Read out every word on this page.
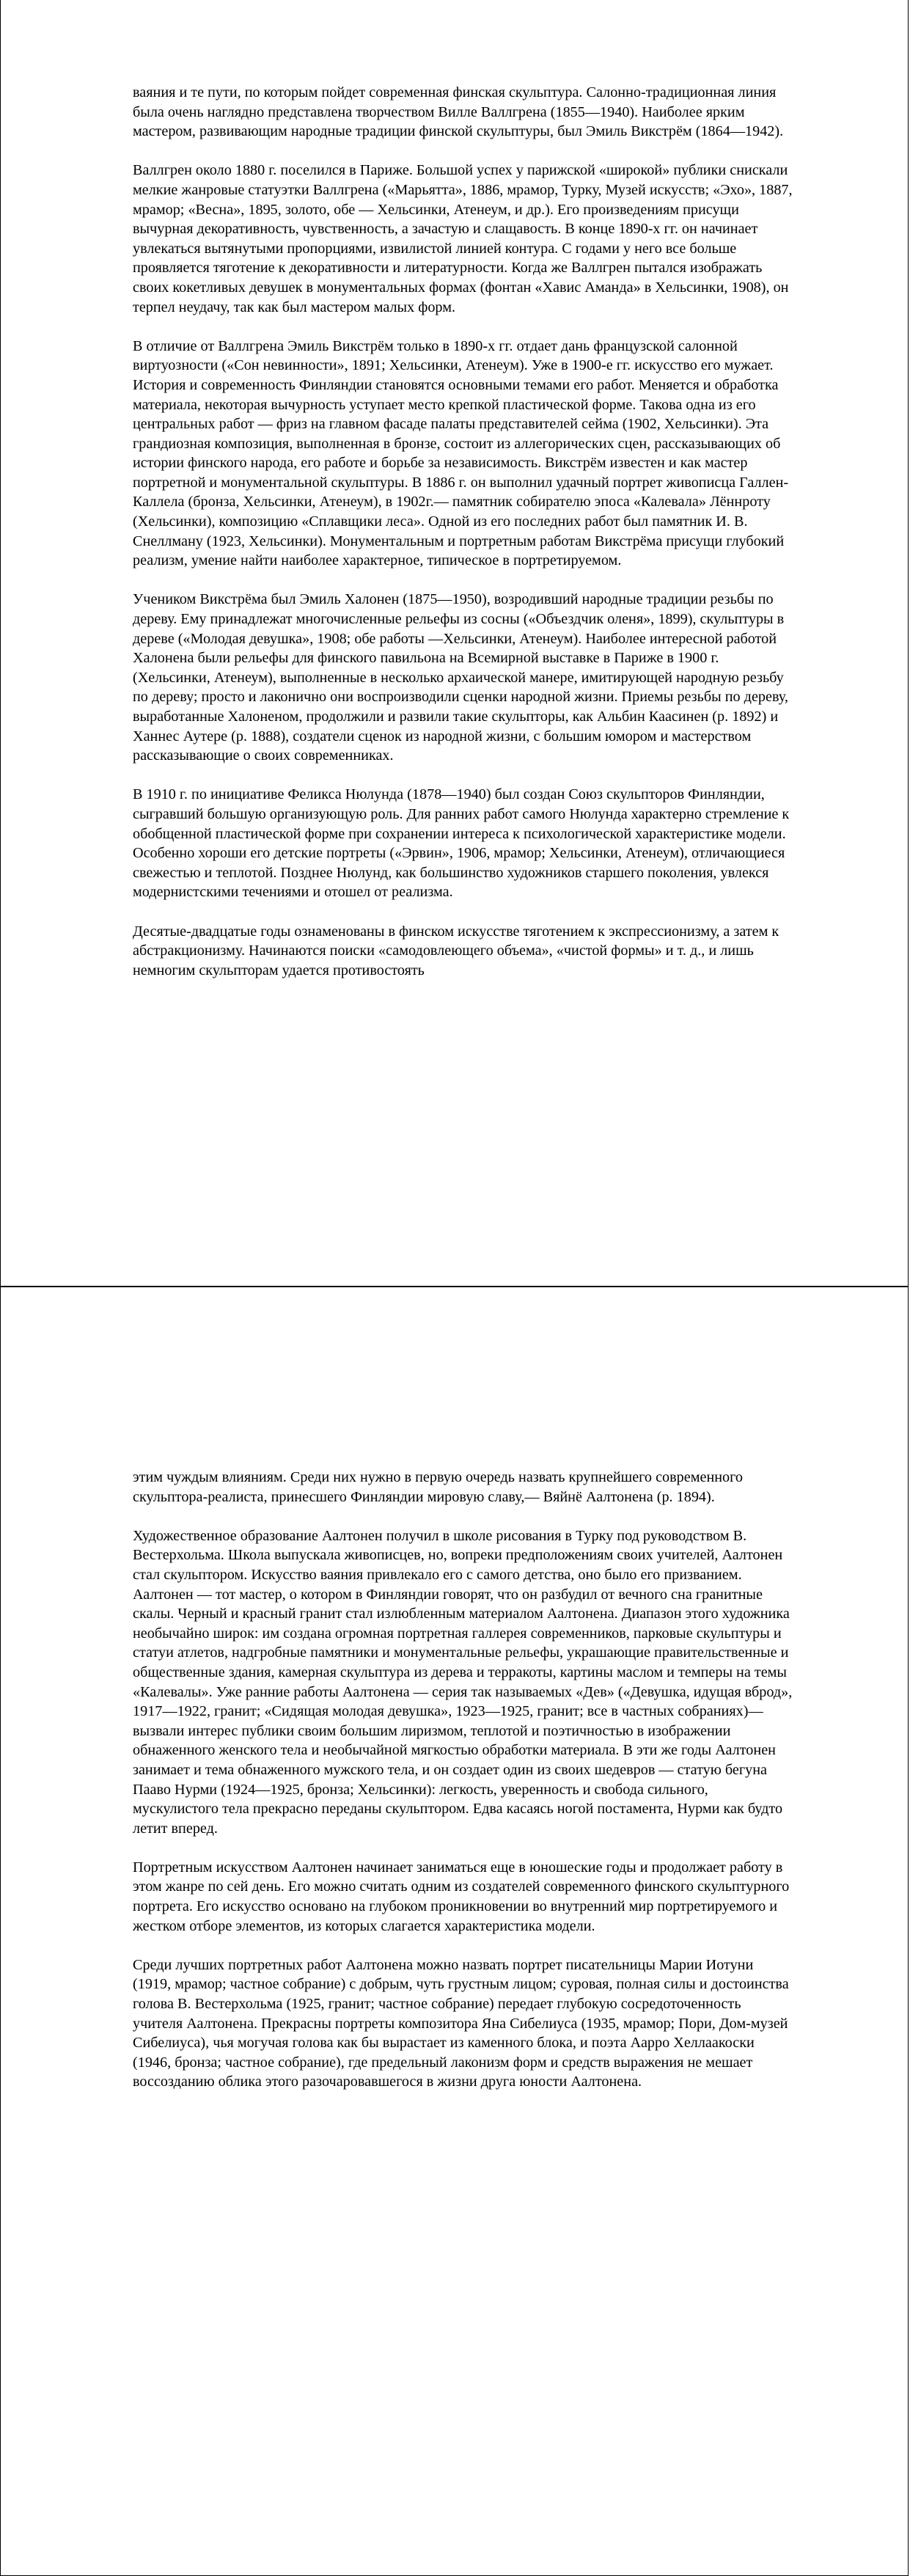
ваяния и те пути, по которым пойдет современная финская скульптура. Салонно-традиционная линия была очень наглядно представлена творчеством Вилле Валлгрена (1855—1940). Наиболее ярким мастером, развивающим народные традиции финской скульптуры, был Эмиль Викстрём (1864—1942).

Валлгрен около 1880 г. поселился в Париже. Большой успех у парижской «широкой» публики снискали мелкие жанровые статуэтки Валлгрена («Марьятта», 1886, мрамор, Турку, Музей искусств; «Эхо», 1887, мрамор; «Весна», 1895, золото, обе — Хельсинки, Атенеум, и др.). Его произведениям присущи вычурная декоративность, чувственность, а зачастую и слащавость. В конце 1890-х гг. он начинает увлекаться вытянутыми пропорциями, извилистой линией контура. С годами у него все больше проявляется тяготение к декоративности и литературности. Когда же Валлгрен пытался изображать своих кокетливых девушек в монументальных формах (фонтан «Хавис Аманда» в Хельсинки, 1908), он терпел неудачу, так как был мастером малых форм.

В отличие от Валлгрена Эмиль Викстрём только в 1890-х гг. отдает дань французской салонной виртуозности («Сон невинности», 1891; Хельсинки, Атенеум). Уже в 1900-е гг. искусство его мужает. История и современность Финляндии становятся основными темами его работ. Меняется и обработка материала, некоторая вычурность уступает место крепкой пластической форме. Такова одна из его центральных работ — фриз на главном фасаде палаты представителей сейма (1902, Хельсинки). Эта грандиозная композиция, выполненная в бронзе, состоит из аллегорических сцен, рассказывающих об истории финского народа, его работе и борьбе за независимость. Викстрём известен и как мастер портретной и монументальной скульптуры. В 1886 г. он выполнил удачный портрет живописца Галлен-Каллела (бронза, Хельсинки, Атенеум), в 1902г.— памятник собирателю эпоса «Калевала» Лённроту (Хельсинки), композицию «Сплавщики леса». Одной из его последних работ был памятник И. В. Снеллману (1923, Хельсинки). Монументальным и портретным работам Викстрёма присущи глубокий реализм, умение найти наиболее характерное, типическое в портретируемом.

Учеником Викстрёма был Эмиль Халонен (1875—1950), возродивший народные традиции резьбы по дереву. Ему принадлежат многочисленные рельефы из сосны («Объездчик оленя», 1899), скульптуры в дереве («Молодая девушка», 1908; обе работы —Хельсинки, Атенеум). Наиболее интересной работой Халонена были рельефы для финского павильона на Всемирной выставке в Париже в 1900 г. (Хельсинки, Атенеум), выполненные в несколько архаической манере, имитирующей народную резьбу по дереву; просто и лаконично они воспроизводили сценки народной жизни. Приемы резьбы по дереву, выработанные Халоненом, продолжили и развили такие скульпторы, как Альбин Каасинен (р. 1892) и Ханнес Аутере (р. 1888), создатели сценок из народной жизни, с большим юмором и мастерством рассказывающие о своих современниках.

В 1910 г. по инициативе Феликса Нюлунда (1878—1940) был создан Союз скульпторов Финляндии, сыгравший большую организующую роль. Для ранних работ самого Нюлунда характерно стремление к обобщенной пластической форме при сохранении интереса к психологической характеристике модели. Особенно хороши его детские портреты («Эрвин», 1906, мрамор; Хельсинки, Атенеум), отличающиеся свежестью и теплотой. Позднее Нюлунд, как большинство художников старшего поколения, увлекся модернистскими течениями и отошел от реализма.

Десятые-двадцатые годы ознаменованы в финском искусстве тяготением к экспрессионизму, а затем к абстракционизму. Начинаются поиски «самодовлеющего объема», «чистой формы» и т. д., и лишь немногим скульпторам удается противостоять

этим чуждым влияниям. Среди них нужно в первую очередь назвать крупнейшего современного скульптора-реалиста, принесшего Финляндии мировую славу,— Вяйнё Аалтонена (р. 1894).

Художественное образование Аалтонен получил в школе рисования в Турку под руководством В. Вестерхольма. Школа выпускала живописцев, но, вопреки предположениям своих учителей, Аалтонен стал скульптором. Искусство ваяния привлекало его с самого детства, оно было его призванием. Аалтонен — тот мастер, о котором в Финляндии говорят, что он разбудил от вечного сна гранитные скалы. Черный и красный гранит стал излюбленным материалом Аалтонена. Диапазон этого художника необычайно широк: им создана огромная портретная галлерея современников, парковые скульптуры и статуи атлетов, надгробные памятники и монументальные рельефы, украшающие правительственные и общественные здания, камерная скульптура из дерева и терракоты, картины маслом и темперы на темы «Калевалы». Уже ранние работы Аалтонена — серия так называемых «Дев» («Девушка, идущая вброд», 1917—1922, гранит; «Сидящая молодая девушка», 1923—1925, гранит; все в частных собраниях)— вызвали интерес публики своим большим лиризмом, теплотой и поэтичностью в изображении обнаженного женского тела и необычайной мягкостью обработки материала. В эти же годы Аалтонен занимает и тема обнаженного мужского тела, и он создает один из своих шедевров — статую бегуна Пааво Нурми (1924—1925, бронза; Хельсинки): легкость, уверенность и свобода сильного, мускулистого тела прекрасно переданы скульптором. Едва касаясь ногой постамента, Нурми как будто летит вперед.

Портретным искусством Аалтонен начинает заниматься еще в юношеские годы и продолжает работу в этом жанре по сей день. Его можно считать одним из создателей современного финского скульптурного портрета. Его искусство основано на глубоком проникновении во внутренний мир портретируемого и жестком отборе элементов, из которых слагается характеристика модели.

Среди лучших портретных работ Аалтонена можно назвать портрет писательницы Марии Иотуни (1919, мрамор; частное собрание) с добрым, чуть грустным лицом; суровая, полная силы и достоинства голова В. Вестерхольма (1925, гранит; частное собрание) передает глубокую сосредоточенность учителя Аалтонена. Прекрасны портреты композитора Яна Сибелиуса (1935, мрамор; Пори, Дом-музей Сибелиуса), чья могучая голова как бы вырастает из каменного блока, и поэта Аарро Хеллаакоски (1946, бронза; частное собрание), где предельный лаконизм форм и средств выражения не мешает воссозданию облика этого разочаровавшегося в жизни друга юности Аалтонена.
